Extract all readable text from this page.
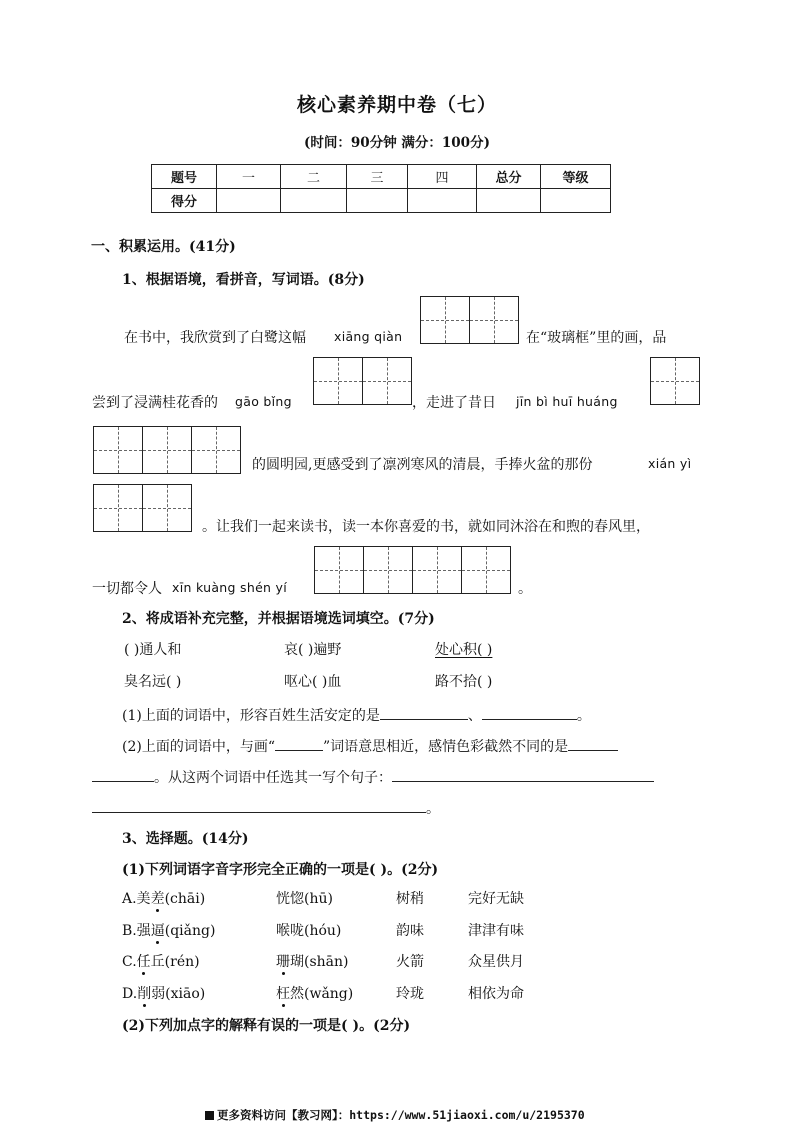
核心素养期中卷（七）
(时间：90分钟 满分：100分)
题号	一	二	三	四	总分	等级
得分						
一、积累运用。(41分)
1、根据语境，看拼音，写词语。(8分)
在书中，我欣赏到了白鹭这幅 xiāng qiàn	在“玻璃框”里的画，品
尝到了浸满桂花香的 gāo bǐng	，走进了昔日 jīn bì huī huáng
的圆明园,更感受到了凛冽寒风的清晨，手捧火盆的那份	xián yì
。让我们一起来读书，读一本你喜爱的书，就如同沐浴在和煦的春风里，
一切都令人 xīn kuàng shén yí	。
2、将成语补充完整，并根据语境选词填空。(7分)
( )通人和	哀( )遍野	处心积( )
臭名远( )	呕心( )血	路不拾( )
(1)上面的词语中，形容百姓生活安定的是	、	。
(2)上面的词语中，与画“	”词语意思相近，感情色彩截然不同的是
。从这两个词语中任选其一写个句子：
。
3、选择题。(14分)
(1)下列词语字音字形完全正确的一项是( )。(2分)
A.美差(chāi)	恍惚(hū)	树稍	完好无缺
B.强逼(qiǎng)	喉咙(hóu)	韵味	津津有味
C.任丘(rén)	珊瑚(shān)	火箭	众星供月
D.削弱(xiāo)	枉然(wǎng)	玲珑	相依为命
(2)下列加点字的解释有误的一项是( )。(2分)
更多资料访问【教习网】：https://www.51jiaoxi.com/u/2195370
